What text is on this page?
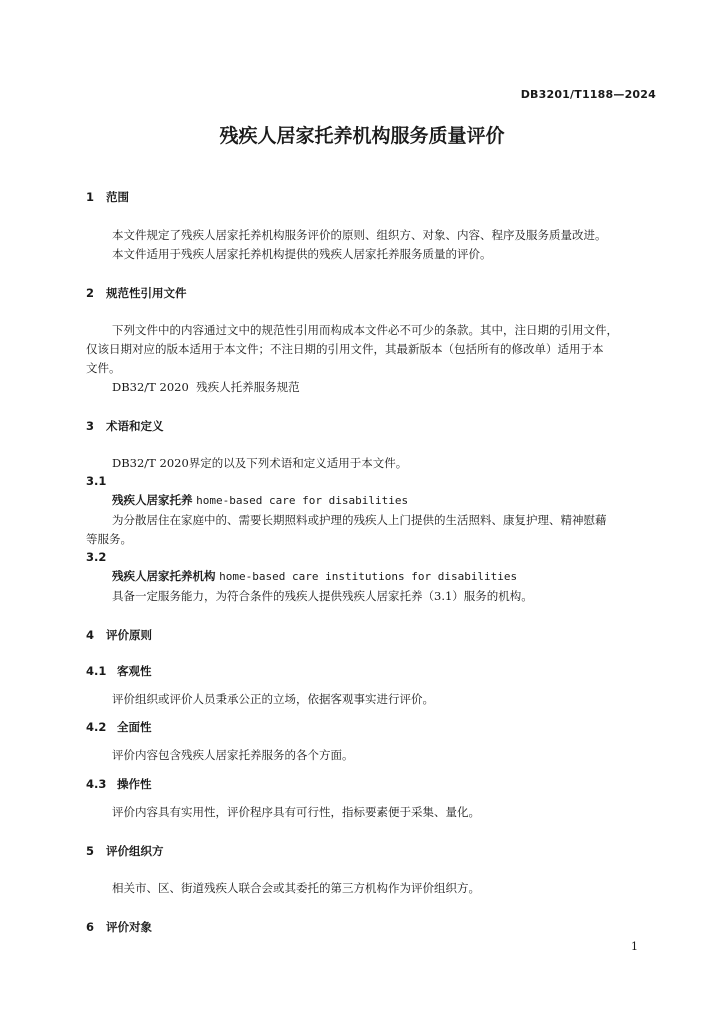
DB3201/T1188—2024
残疾人居家托养机构服务质量评价
1 范围
本文件规定了残疾人居家托养机构服务评价的原则、组织方、对象、内容、程序及服务质量改进。
本文件适用于残疾人居家托养机构提供的残疾人居家托养服务质量的评价。
2 规范性引用文件
下列文件中的内容通过文中的规范性引用而构成本文件必不可少的条款。其中，注日期的引用文件，
仅该日期对应的版本适用于本文件；不注日期的引用文件，其最新版本（包括所有的修改单）适用于本
文件。
DB32/T 2020  残疾人托养服务规范
3 术语和定义
DB32/T 2020界定的以及下列术语和定义适用于本文件。
3.1
残疾人居家托养 home-based care for disabilities
为分散居住在家庭中的、需要长期照料或护理的残疾人上门提供的生活照料、康复护理、精神慰藉
等服务。
3.2
残疾人居家托养机构 home-based care institutions for disabilities
具备一定服务能力，为符合条件的残疾人提供残疾人居家托养（3.1）服务的机构。
4 评价原则
4.1 客观性
评价组织或评价人员秉承公正的立场，依据客观事实进行评价。
4.2 全面性
评价内容包含残疾人居家托养服务的各个方面。
4.3 操作性
评价内容具有实用性，评价程序具有可行性，指标要素便于采集、量化。
5 评价组织方
相关市、区、街道残疾人联合会或其委托的第三方机构作为评价组织方。
6 评价对象
1
